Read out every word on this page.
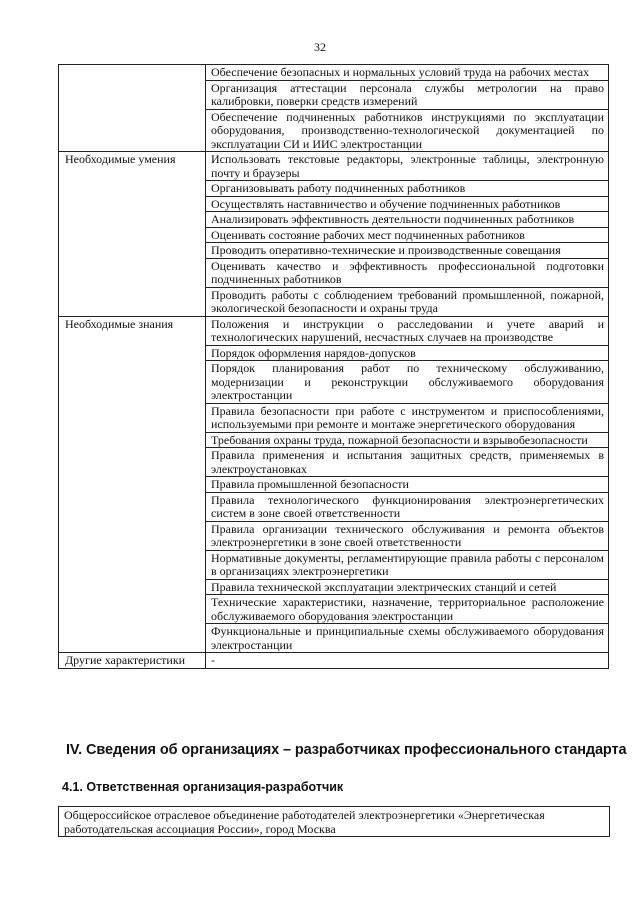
32
	Обеспечение безопасных и нормальных условий труда на рабочих местах
	Организация аттестации персонала службы метрологии на право калибровки, поверки средств измерений
	Обеспечение подчиненных работников инструкциями по эксплуатации оборудования, производственно-технологической документацией по эксплуатации СИ и ИИС электростанции
Необходимые умения	Использовать текстовые редакторы, электронные таблицы, электронную почту и браузеры
	Организовывать работу подчиненных работников
	Осуществлять наставничество и обучение подчиненных работников
	Анализировать эффективность деятельности подчиненных работников
	Оценивать состояние рабочих мест подчиненных работников
	Проводить оперативно-технические и производственные совещания
	Оценивать качество и эффективность профессиональной подготовки подчиненных работников
	Проводить работы с соблюдением требований промышленной, пожарной, экологической безопасности и охраны труда
Необходимые знания	Положения и инструкции о расследовании и учете аварий и технологических нарушений, несчастных случаев на производстве
	Порядок оформления нарядов-допусков
	Порядок планирования работ по техническому обслуживанию, модернизации и реконструкции обслуживаемого оборудования электростанции
	Правила безопасности при работе с инструментом и приспособлениями, используемыми при ремонте и монтаже энергетического оборудования
	Требования охраны труда, пожарной безопасности и взрывобезопасности
	Правила применения и испытания защитных средств, применяемых в электроустановках
	Правила промышленной безопасности
	Правила технологического функционирования электроэнергетических систем в зоне своей ответственности
	Правила организации технического обслуживания и ремонта объектов электроэнергетики в зоне своей ответственности
	Нормативные документы, регламентирующие правила работы с персоналом в организациях электроэнергетики
	Правила технической эксплуатации электрических станций и сетей
	Технические характеристики, назначение, территориальное расположение обслуживаемого оборудования электростанции
	Функциональные и принципиальные схемы обслуживаемого оборудования электростанции
Другие характеристики	-
IV. Сведения об организациях – разработчиках профессионального стандарта
4.1. Ответственная организация-разработчик
Общероссийское отраслевое объединение работодателей электроэнергетики «Энергетическая работодательская ассоциация России», город Москва
